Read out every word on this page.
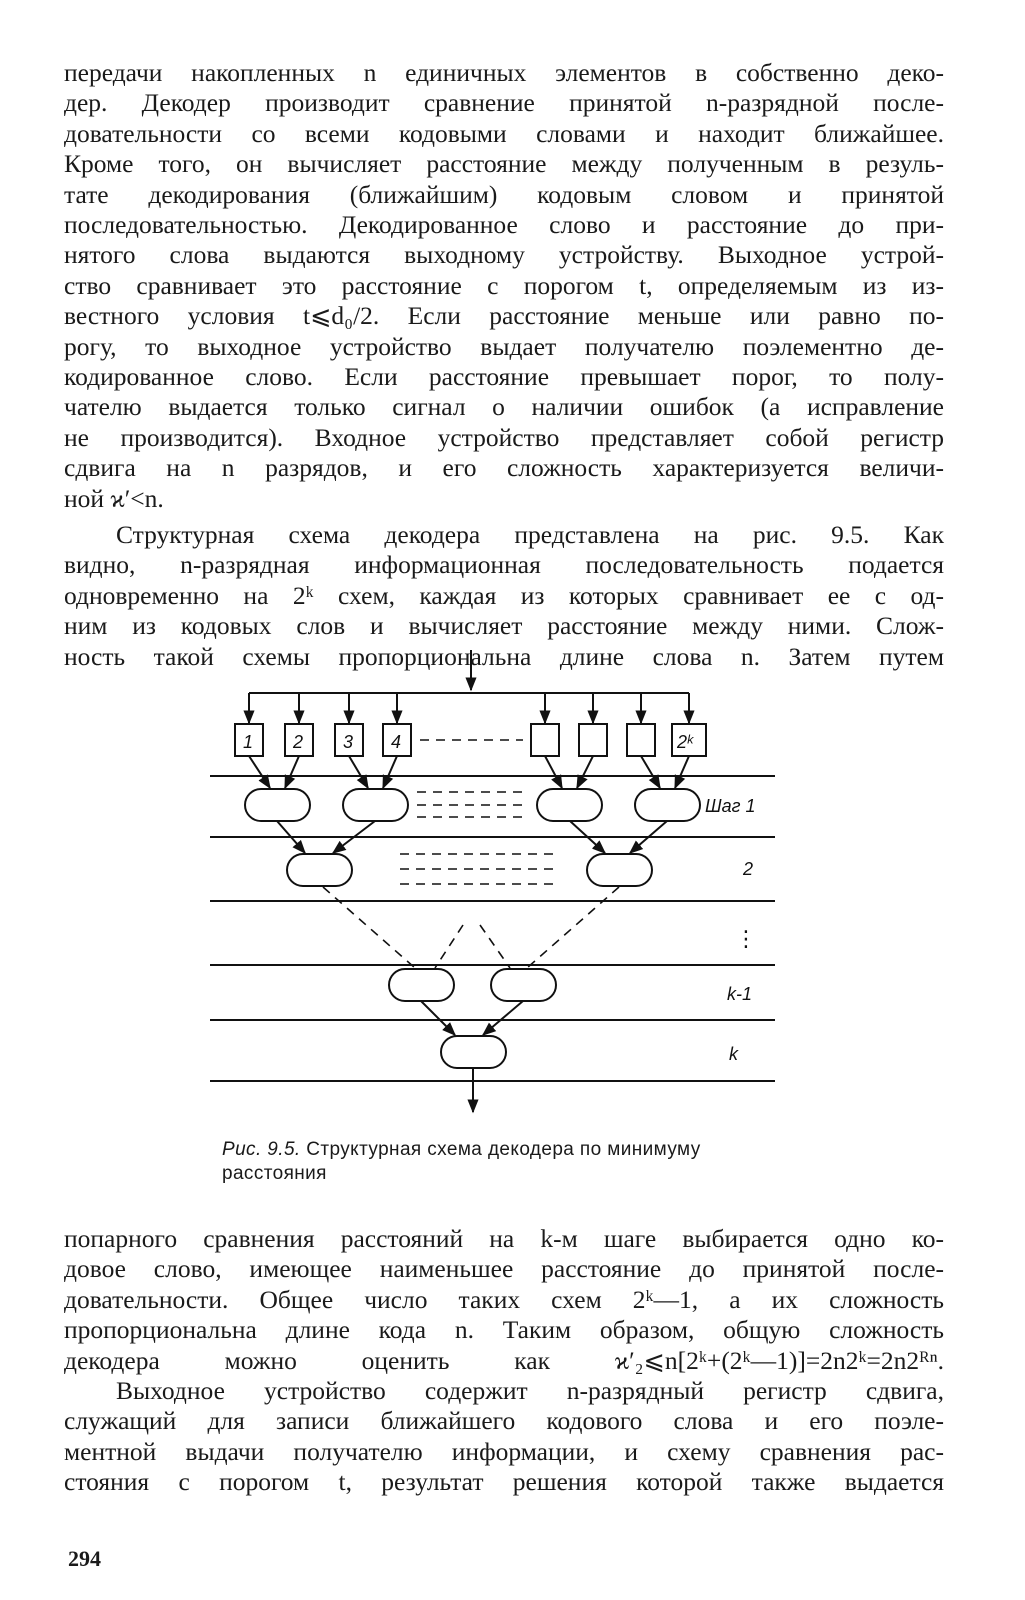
передачи накопленных n единичных элементов в собственно деко-
дер. Декодер производит сравнение принятой n-разрядной после-
довательности со всеми кодовыми словами и находит ближайшее.
Кроме того, он вычисляет расстояние между полученным в резуль-
тате декодирования (ближайшим) кодовым словом и принятой
последовательностью. Декодированное слово и расстояние до при-
нятого слова выдаются выходному устройству. Выходное устрой-
ство сравнивает это расстояние с порогом t, определяемым из из-
вестного условия t⩽d₀/2. Если расстояние меньше или равно по-
рогу, то выходное устройство выдает получателю поэлементно де-
кодированное слово. Если расстояние превышает порог, то полу-
чателю выдается только сигнал о наличии ошибок (а исправление
не производится). Входное устройство представляет собой регистр
сдвига на n разрядов, и его сложность характеризуется величи-
ной ϰ′<n.

Структурная схема декодера представлена на рис. 9.5. Как
видно, n-разрядная информационная последовательность подается
одновременно на 2ᵏ схем, каждая из которых сравнивает ее с од-
ним из кодовых слов и вычисляет расстояние между ними. Слож-
ность такой схемы пропорциональна длине слова n. Затем путем

1 2 3 4	2ᵏ
Шаг 1
2
⋮
k-1
k
Рис. 9.5. Структурная схема декодера по минимуму
расстояния

попарного сравнения расстояний на k-м шаге выбирается одно ко-
довое слово, имеющее наименьшее расстояние до принятой после-
довательности. Общее число таких схем 2ᵏ—1, а их сложность
пропорциональна длине кода n. Таким образом, общую сложность
декодера можно оценить как ϰ′₂⩽n[2ᵏ+(2ᵏ—1)]=2n2ᵏ=2n2ᴿⁿ.

Выходное устройство содержит n-разрядный регистр сдвига,
служащий для записи ближайшего кодового слова и его поэле-
ментной выдачи получателю информации, и схему сравнения рас-
стояния с порогом t, результат решения которой также выдается

294
